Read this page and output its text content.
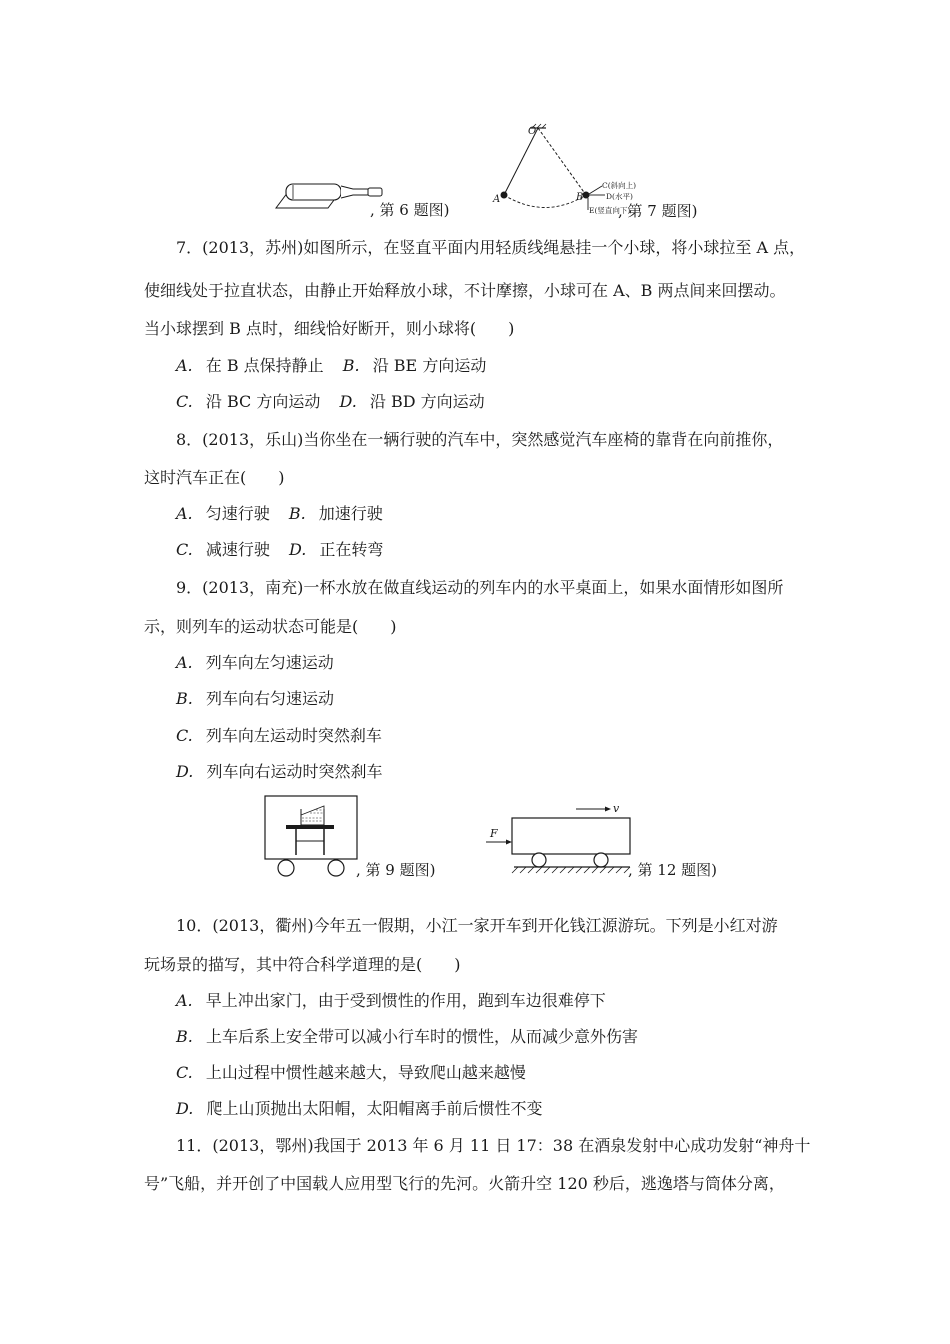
, 第 6 题图)
O
A	B
C(斜向上)
D(水平)
E(竖直向下)
, 第 7 题图)
7．(2013，苏州)如图所示，在竖直平面内用轻质线绳悬挂一个小球，将小球拉至 A 点，
使细线处于拉直状态，由静止开始释放小球，不计摩擦，小球可在 A、B 两点间来回摆动。
当小球摆到 B 点时，细线恰好断开，则小球将(　　)
A. 在 B 点保持静止 B. 沿 BE 方向运动
C. 沿 BC 方向运动 D. 沿 BD 方向运动
8．(2013，乐山)当你坐在一辆行驶的汽车中，突然感觉汽车座椅的靠背在向前推你，
这时汽车正在(　　)
A. 匀速行驶 B. 加速行驶
C. 减速行驶 D. 正在转弯
9．(2013，南充)一杯水放在做直线运动的列车内的水平桌面上，如果水面情形如图所
示，则列车的运动状态可能是(　　)
A. 列车向左匀速运动
B. 列车向右匀速运动
C. 列车向左运动时突然刹车
D. 列车向右运动时突然刹车
, 第 9 题图)
F
v
, 第 12 题图)
10．(2013，衢州)今年五一假期，小江一家开车到开化钱江源游玩。下列是小红对游
玩场景的描写，其中符合科学道理的是(　　)
A. 早上冲出家门，由于受到惯性的作用，跑到车边很难停下
B. 上车后系上安全带可以减小行车时的惯性，从而减少意外伤害
C. 上山过程中惯性越来越大，导致爬山越来越慢
D. 爬上山顶抛出太阳帽，太阳帽离手前后惯性不变
11．(2013，鄂州)我国于 2013 年 6 月 11 日 17：38 在酒泉发射中心成功发射“神舟十
号”飞船，并开创了中国载人应用型飞行的先河。火箭升空 120 秒后，逃逸塔与筒体分离，
